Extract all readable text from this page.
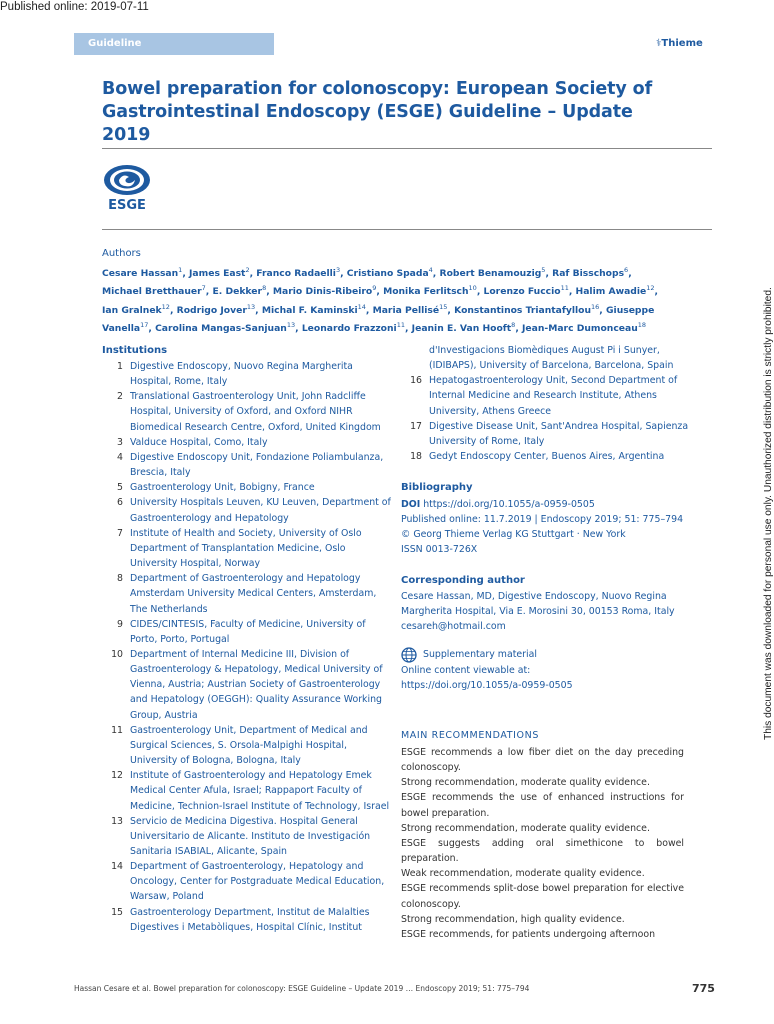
Published online: 2019-07-11
Guideline	⚕Thieme
Bowel preparation for colonoscopy: European Society of Gastrointestinal Endoscopy (ESGE) Guideline – Update 2019
ESGE
Authors
Cesare Hassan$^1$, James East$^2$, Franco Radaelli$^3$, Cristiano Spada$^4$, Robert Benamouzig$^5$, Raf Bisschops$^6$, Michael Bretthauer$^7$, E. Dekker$^8$, Mario Dinis-Ribeiro$^9$, Monika Ferlitsch$^{10}$, Lorenzo Fuccio$^{11}$, Halim Awadie$^{12}$, Ian Gralnek$^{12}$, Rodrigo Jover$^{13}$, Michal F. Kaminski$^{14}$, Maria Pellisé$^{15}$, Konstantinos Triantafyllou$^{16}$, Giuseppe Vanella$^{17}$, Carolina Mangas-Sanjuan$^{13}$, Leonardo Frazzoni$^{11}$, Jeanin E. Van Hooft$^8$, Jean-Marc Dumonceau$^{18}$
Institutions
1 Digestive Endoscopy, Nuovo Regina Margherita Hospital, Rome, Italy
2 Translational Gastroenterology Unit, John Radcliffe Hospital, University of Oxford, and Oxford NIHR Biomedical Research Centre, Oxford, United Kingdom
3 Valduce Hospital, Como, Italy
4 Digestive Endoscopy Unit, Fondazione Poliambulanza, Brescia, Italy
5 Gastroenterology Unit, Bobigny, France
6 University Hospitals Leuven, KU Leuven, Department of Gastroenterology and Hepatology
7 Institute of Health and Society, University of Oslo Department of Transplantation Medicine, Oslo University Hospital, Norway
8 Department of Gastroenterology and Hepatology Amsterdam University Medical Centers, Amsterdam, The Netherlands
9 CIDES/CINTESIS, Faculty of Medicine, University of Porto, Porto, Portugal
10 Department of Internal Medicine III, Division of Gastroenterology & Hepatology, Medical University of Vienna, Austria; Austrian Society of Gastroenterology and Hepatology (OEGGH): Quality Assurance Working Group, Austria
11 Gastroenterology Unit, Department of Medical and Surgical Sciences, S. Orsola-Malpighi Hospital, University of Bologna, Bologna, Italy
12 Institute of Gastroenterology and Hepatology Emek Medical Center Afula, Israel; Rappaport Faculty of Medicine, Technion-Israel Institute of Technology, Israel
13 Servicio de Medicina Digestiva. Hospital General Universitario de Alicante. Instituto de Investigación Sanitaria ISABIAL, Alicante, Spain
14 Department of Gastroenterology, Hepatology and Oncology, Center for Postgraduate Medical Education, Warsaw, Poland
15 Gastroenterology Department, Institut de Malalties Digestives i Metabòliques, Hospital Clínic, Institut
d'Investigacions Biomèdiques August Pi i Sunyer, (IDIBAPS), University of Barcelona, Barcelona, Spain
16 Hepatogastroenterology Unit, Second Department of Internal Medicine and Research Institute, Athens University, Athens Greece
17 Digestive Disease Unit, Sant'Andrea Hospital, Sapienza University of Rome, Italy
18 Gedyt Endoscopy Center, Buenos Aires, Argentina
Bibliography
DOI https://doi.org/10.1055/a-0959-0505
Published online: 11.7.2019 | Endoscopy 2019; 51: 775–794
© Georg Thieme Verlag KG Stuttgart · New York
ISSN 0013-726X
Corresponding author
Cesare Hassan, MD, Digestive Endoscopy, Nuovo Regina Margherita Hospital, Via E. Morosini 30, 00153 Roma, Italy
cesareh@hotmail.com
Supplementary material
Online content viewable at:
https://doi.org/10.1055/a-0959-0505
MAIN RECOMMENDATIONS
ESGE recommends a low fiber diet on the day preceding colonoscopy.
Strong recommendation, moderate quality evidence.
ESGE recommends the use of enhanced instructions for bowel preparation.
Strong recommendation, moderate quality evidence.
ESGE suggests adding oral simethicone to bowel preparation.
Weak recommendation, moderate quality evidence.
ESGE recommends split-dose bowel preparation for elective colonoscopy.
Strong recommendation, high quality evidence.
ESGE recommends, for patients undergoing afternoon
This document was downloaded for personal use only. Unauthorized distribution is strictly prohibited.
Hassan Cesare et al. Bowel preparation for colonoscopy: ESGE Guideline – Update 2019 … Endoscopy 2019; 51: 775–794	775
